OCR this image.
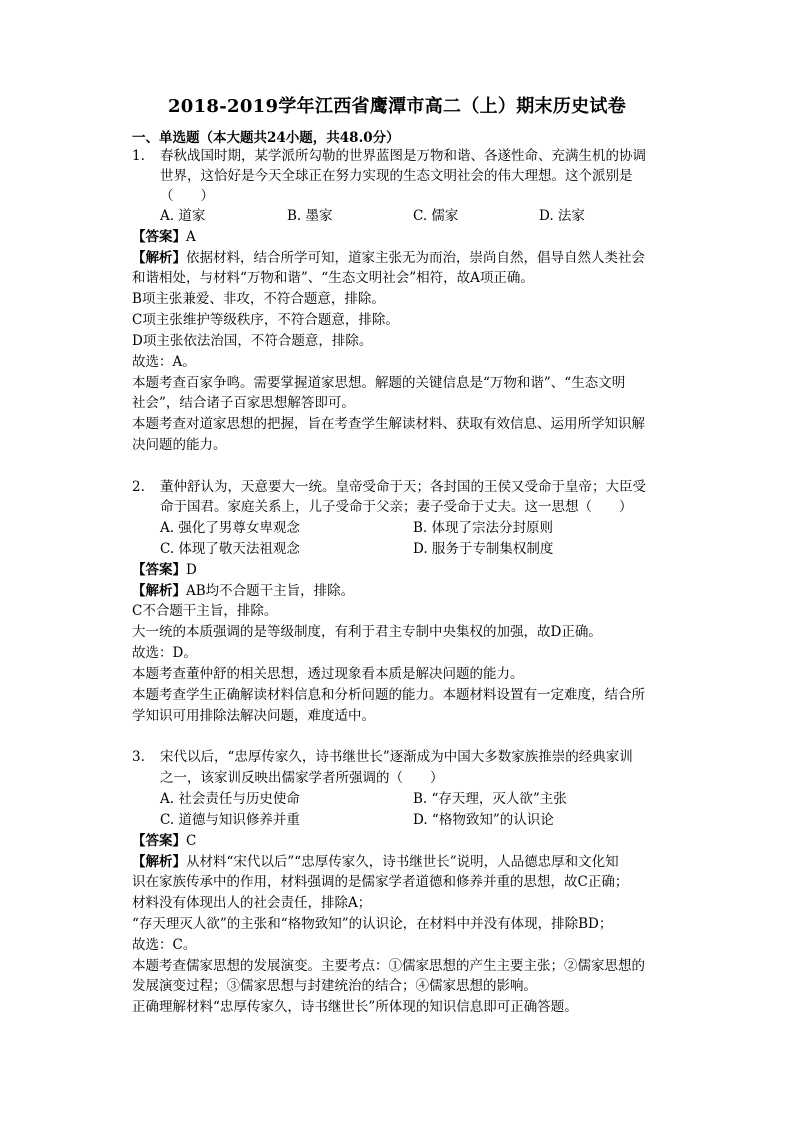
2018-2019学年江西省鹰潭市高二（上）期末历史试卷
一、单选题（本大题共24小题，共48.0分）
1. 春秋战国时期，某学派所勾勒的世界蓝图是万物和谐、各遂性命、充满生机的协调
世界，这恰好是今天全球正在努力实现的生态文明社会的伟大理想。这个派别是
（　　）
A. 道家	B. 墨家	C. 儒家	D. 法家
【答案】A
【解析】依据材料，结合所学可知，道家主张无为而治，崇尚自然，倡导自然人类社会
和谐相处，与材料“万物和谐”、“生态文明社会”相符，故A项正确。
B项主张兼爱、非攻，不符合题意，排除。
C项主张维护等级秩序，不符合题意，排除。
D项主张依法治国，不符合题意，排除。
故选：A。
本题考查百家争鸣。需要掌握道家思想。解题的关键信息是“万物和谐”、“生态文明
社会”，结合诸子百家思想解答即可。
本题考查对道家思想的把握，旨在考查学生解读材料、获取有效信息、运用所学知识解
决问题的能力。
2. 董仲舒认为，天意要大一统。皇帝受命于天；各封国的王侯又受命于皇帝；大臣受
命于国君。家庭关系上，儿子受命于父亲；妻子受命于丈夫。这一思想（　　）
A. 强化了男尊女卑观念	B. 体现了宗法分封原则
C. 体现了敬天法祖观念	D. 服务于专制集权制度
【答案】D
【解析】AB均不合题干主旨，排除。
C不合题干主旨，排除。
大一统的本质强调的是等级制度，有利于君主专制中央集权的加强，故D正确。
故选：D。
本题考查董仲舒的相关思想，透过现象看本质是解决问题的能力。
本题考查学生正确解读材料信息和分析问题的能力。本题材料设置有一定难度，结合所
学知识可用排除法解决问题，难度适中。
3. 宋代以后，“忠厚传家久，诗书继世长”逐渐成为中国大多数家族推崇的经典家训
之一，该家训反映出儒家学者所强调的（　　）
A. 社会责任与历史使命	B. “存天理，灭人欲”主张
C. 道德与知识修养并重	D. “格物致知”的认识论
【答案】C
【解析】从材料“宋代以后”“忠厚传家久，诗书继世长”说明，人品德忠厚和文化知
识在家族传承中的作用，材料强调的是儒家学者道德和修养并重的思想，故C正确；
材料没有体现出人的社会责任，排除A；
“存天理灭人欲”的主张和“格物致知”的认识论，在材料中并没有体现，排除BD；
故选：C。
本题考查儒家思想的发展演变。主要考点：①儒家思想的产生主要主张；②儒家思想的
发展演变过程；③儒家思想与封建统治的结合；④儒家思想的影响。
正确理解材料“忠厚传家久，诗书继世长”所体现的知识信息即可正确答题。
